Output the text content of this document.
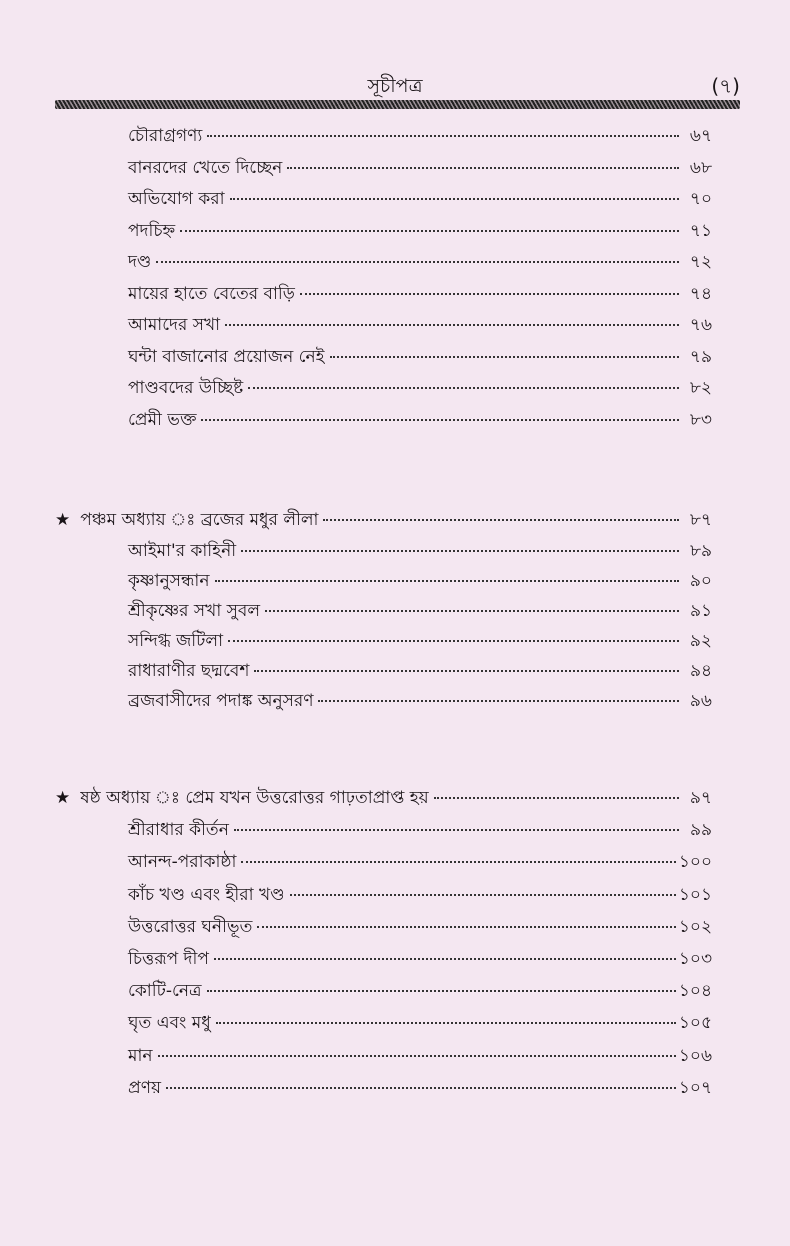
সূচীপত্র	(৭)
চৌরাগ্রগণ্য	৬৭
বানরদের খেতে দিচ্ছেন	৬৮
অভিযোগ করা	৭০
পদচিহ্ন	৭১
দণ্ড	৭২
মায়ের হাতে বেতের বাড়ি	৭৪
আমাদের সখা	৭৬
ঘন্টা বাজানোর প্রয়োজন নেই	৭৯
পাণ্ডবদের উচ্ছিষ্ট	৮২
প্রেমী ভক্ত	৮৩
★ পঞ্চম অধ্যায় ঃ ব্রজের মধুর লীলা	৮৭
আইমা'র কাহিনী	৮৯
কৃষ্ণানুসন্ধান	৯০
শ্রীকৃষ্ণের সখা সুবল	৯১
সন্দিগ্ধ জটিলা	৯২
রাধারাণীর ছদ্মবেশ	৯৪
ব্রজবাসীদের পদাঙ্ক অনুসরণ	৯৬
★ ষষ্ঠ অধ্যায় ঃ প্রেম যখন উত্তরোত্তর গাঢ়তাপ্রাপ্ত হয়	৯৭
শ্রীরাধার কীর্তন	৯৯
আনন্দ-পরাকাষ্ঠা	১০০
কাঁচ খণ্ড এবং হীরা খণ্ড	১০১
উত্তরোত্তর ঘনীভূত	১০২
চিত্তরূপ দীপ	১০৩
কোটি-নেত্র	১০৪
ঘৃত এবং মধু	১০৫
মান	১০৬
প্রণয়	১০৭
